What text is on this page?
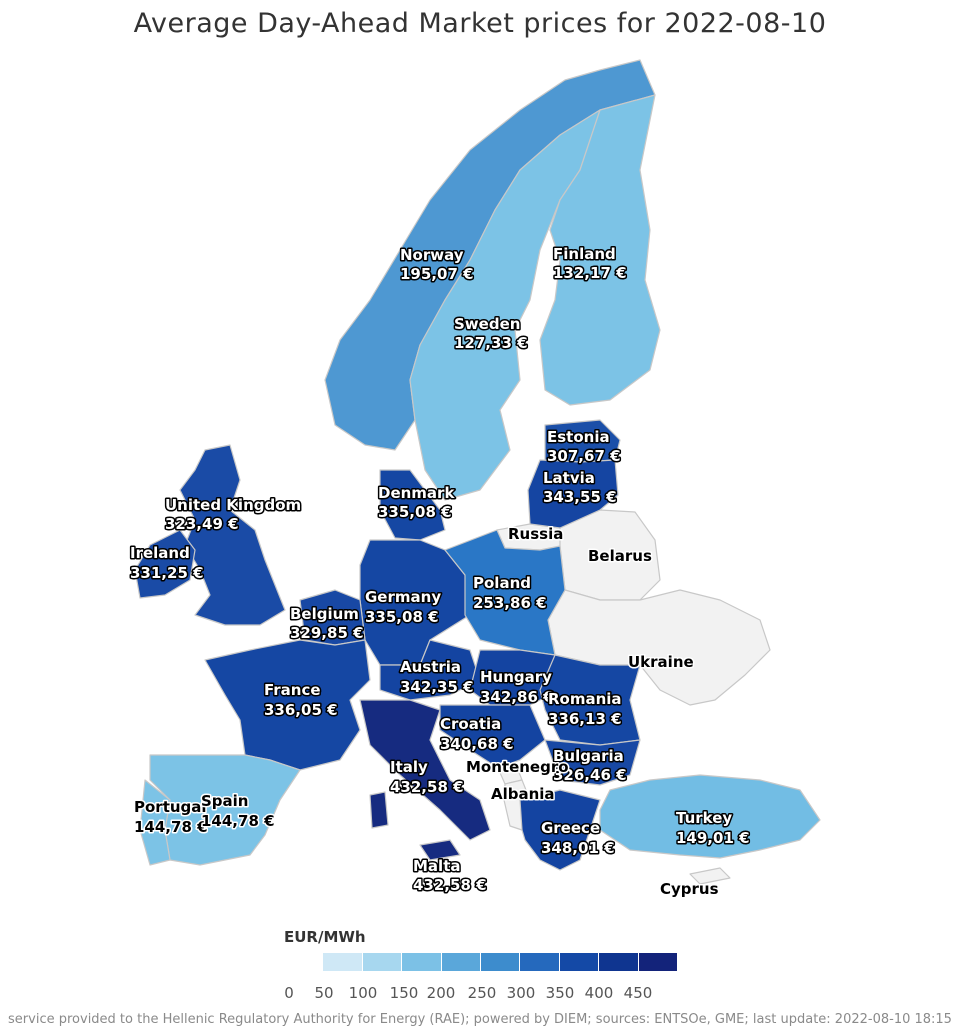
Average Day-Ahead Market prices for 2022-08-10
Norway
195,07 €
Finland
132,17 €
Sweden
127,33 €
Estonia
307,67 €
Latvia
343,55 €
Denmark
335,08 €
United Kingdom
323,49 €
Russia
Belarus
Ireland
331,25 €
Poland
253,86 €
Germany
335,08 €
Belgium
329,85 €
Ukraine
Austria
342,35 €
Hungary
342,86 €
France
336,05 €
Romania
336,13 €
Croatia
340,68 €
Bulgaria
326,46 €
Italy
432,58 €
Montenegro
Albania
Portugal
144,78 €
Spain
144,78 €	Turkey
149,01 €
Greece
348,01 €
Malta
432,58 €	Cyprus
EUR/MWh
0 50 100 150 200 250 300 350 400 450
service provided to the Hellenic Regulatory Authority for Energy (RAE); powered by DIEM; sources: ENTSOe, GME; last update: 2022-08-10 18:15
